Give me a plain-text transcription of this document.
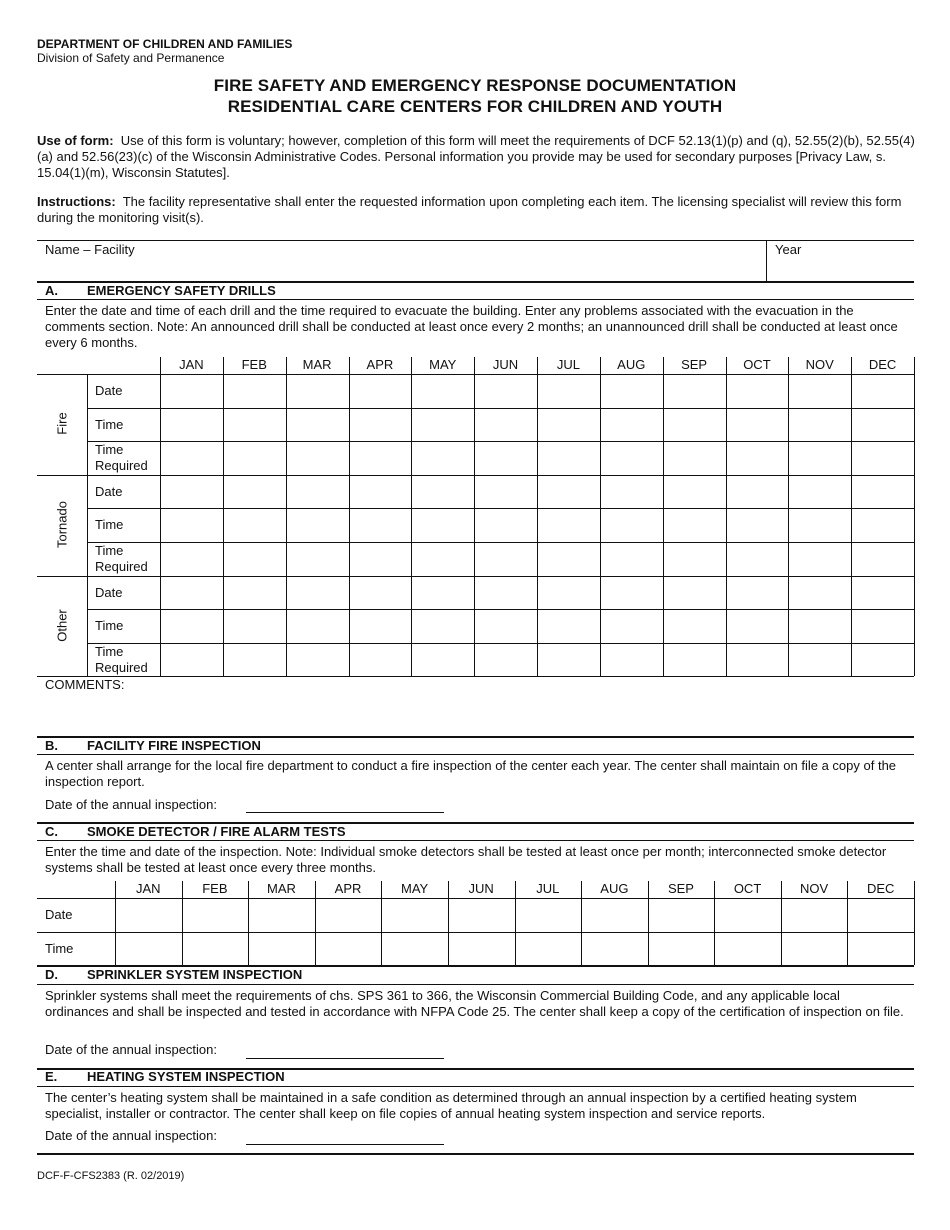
DEPARTMENT OF CHILDREN AND FAMILIES
Division of Safety and Permanence
FIRE SAFETY AND EMERGENCY RESPONSE DOCUMENTATION
RESIDENTIAL CARE CENTERS FOR CHILDREN AND YOUTH
Use of form: Use of this form is voluntary; however, completion of this form will meet the requirements of DCF 52.13(1)(p) and (q), 52.55(2)(b), 52.55(4)(a) and 52.56(23)(c) of the Wisconsin Administrative Codes. Personal information you provide may be used for secondary purposes [Privacy Law, s. 15.04(1)(m), Wisconsin Statutes].
Instructions: The facility representative shall enter the requested information upon completing each item. The licensing specialist will review this form during the monitoring visit(s).
Name – Facility	Year
A. EMERGENCY SAFETY DRILLS
Enter the date and time of each drill and the time required to evacuate the building. Enter any problems associated with the evacuation in the comments section. Note: An announced drill shall be conducted at least once every 2 months; an unannounced drill shall be conducted at least once every 6 months.
JAN	FEB	MAR	APR	MAY	JUN	JUL	AUG	SEP	OCT	NOV	DEC
Fire
Date
Time
Time Required
Tornado
Date
Time
Time Required
Other
Date
Time
Time Required
COMMENTS:
B. FACILITY FIRE INSPECTION
A center shall arrange for the local fire department to conduct a fire inspection of the center each year. The center shall maintain on file a copy of the inspection report.
Date of the annual inspection:
C. SMOKE DETECTOR / FIRE ALARM TESTS
Enter the time and date of the inspection. Note: Individual smoke detectors shall be tested at least once per month; interconnected smoke detector systems shall be tested at least once every three months.
JAN	FEB	MAR	APR	MAY	JUN	JUL	AUG	SEP	OCT	NOV	DEC
Date
Time
D. SPRINKLER SYSTEM INSPECTION
Sprinkler systems shall meet the requirements of chs. SPS 361 to 366, the Wisconsin Commercial Building Code, and any applicable local ordinances and shall be inspected and tested in accordance with NFPA Code 25. The center shall keep a copy of the certification of inspection on file.
Date of the annual inspection:
E. HEATING SYSTEM INSPECTION
The center’s heating system shall be maintained in a safe condition as determined through an annual inspection by a certified heating system specialist, installer or contractor. The center shall keep on file copies of annual heating system inspection and service reports.
Date of the annual inspection:
DCF-F-CFS2383 (R. 02/2019)
